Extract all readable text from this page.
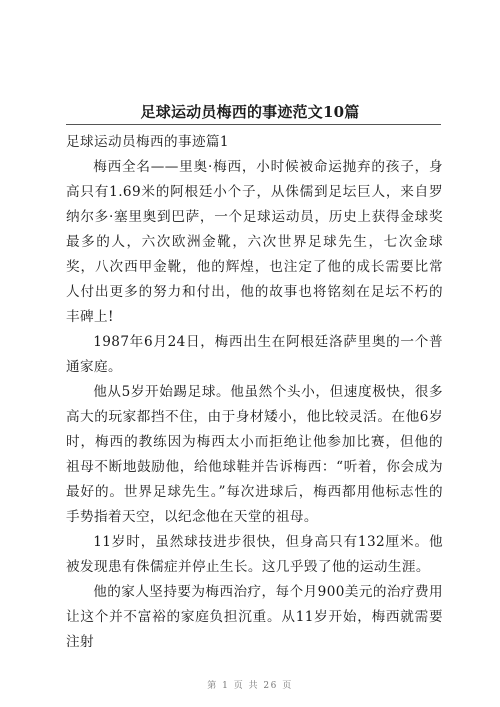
足球运动员梅西的事迹范文10篇

足球运动员梅西的事迹篇1

梅西全名——里奥·梅西，小时候被命运抛弃的孩子，身高只有1.69米的阿根廷小个子，从侏儒到足坛巨人，来自罗纳尔多·塞里奥到巴萨，一个足球运动员，历史上获得金球奖最多的人，六次欧洲金靴，六次世界足球先生，七次金球奖，八次西甲金靴，他的辉煌，也注定了他的成长需要比常人付出更多的努力和付出，他的故事也将铭刻在足坛不朽的丰碑上!

1987年6月24日，梅西出生在阿根廷洛萨里奥的一个普通家庭。

他从5岁开始踢足球。他虽然个头小，但速度极快，很多高大的玩家都挡不住，由于身材矮小，他比较灵活。在他6岁时，梅西的教练因为梅西太小而拒绝让他参加比赛，但他的祖母不断地鼓励他，给他球鞋并告诉梅西：“听着，你会成为最好的。世界足球先生。”每次进球后，梅西都用他标志性的手势指着天空，以纪念他在天堂的祖母。

11岁时，虽然球技进步很快，但身高只有132厘米。他被发现患有侏儒症并停止生长。这几乎毁了他的运动生涯。

他的家人坚持要为梅西治疗，每个月900美元的治疗费用让这个并不富裕的家庭负担沉重。从11岁开始，梅西就需要注射

第 1 页 共 26 页
